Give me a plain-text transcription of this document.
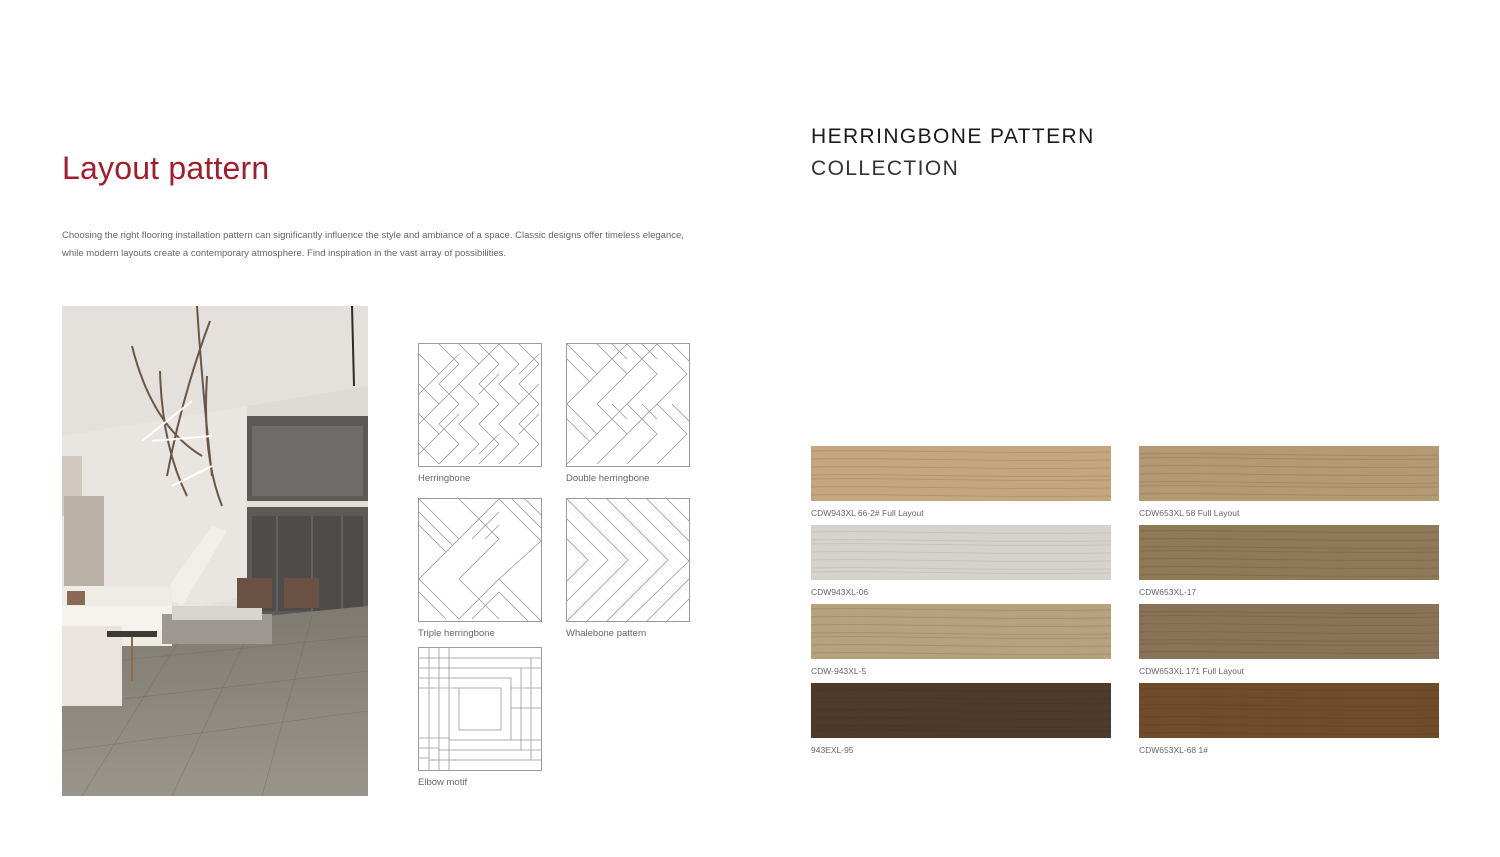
Layout pattern

Choosing the right flooring installation pattern can significantly influence the style and ambiance of a space. Classic designs offer timeless elegance, while modern layouts create a contemporary atmosphere. Find inspiration in the vast array of possibilities.

Herringbone	Double herringbone
Triple herringbone	Whalebone pattern
Elbow motif
HERRINGBONE PATTERN
COLLECTION
CDW943XL 66-2# Full Layout	CDW653XL 58 Full Layout
CDW943XL-06	CDW653XL-17
CDW-943XL-5	CDW653XL 171 Full Layout
943EXL-95	CDW653XL-68 1#
